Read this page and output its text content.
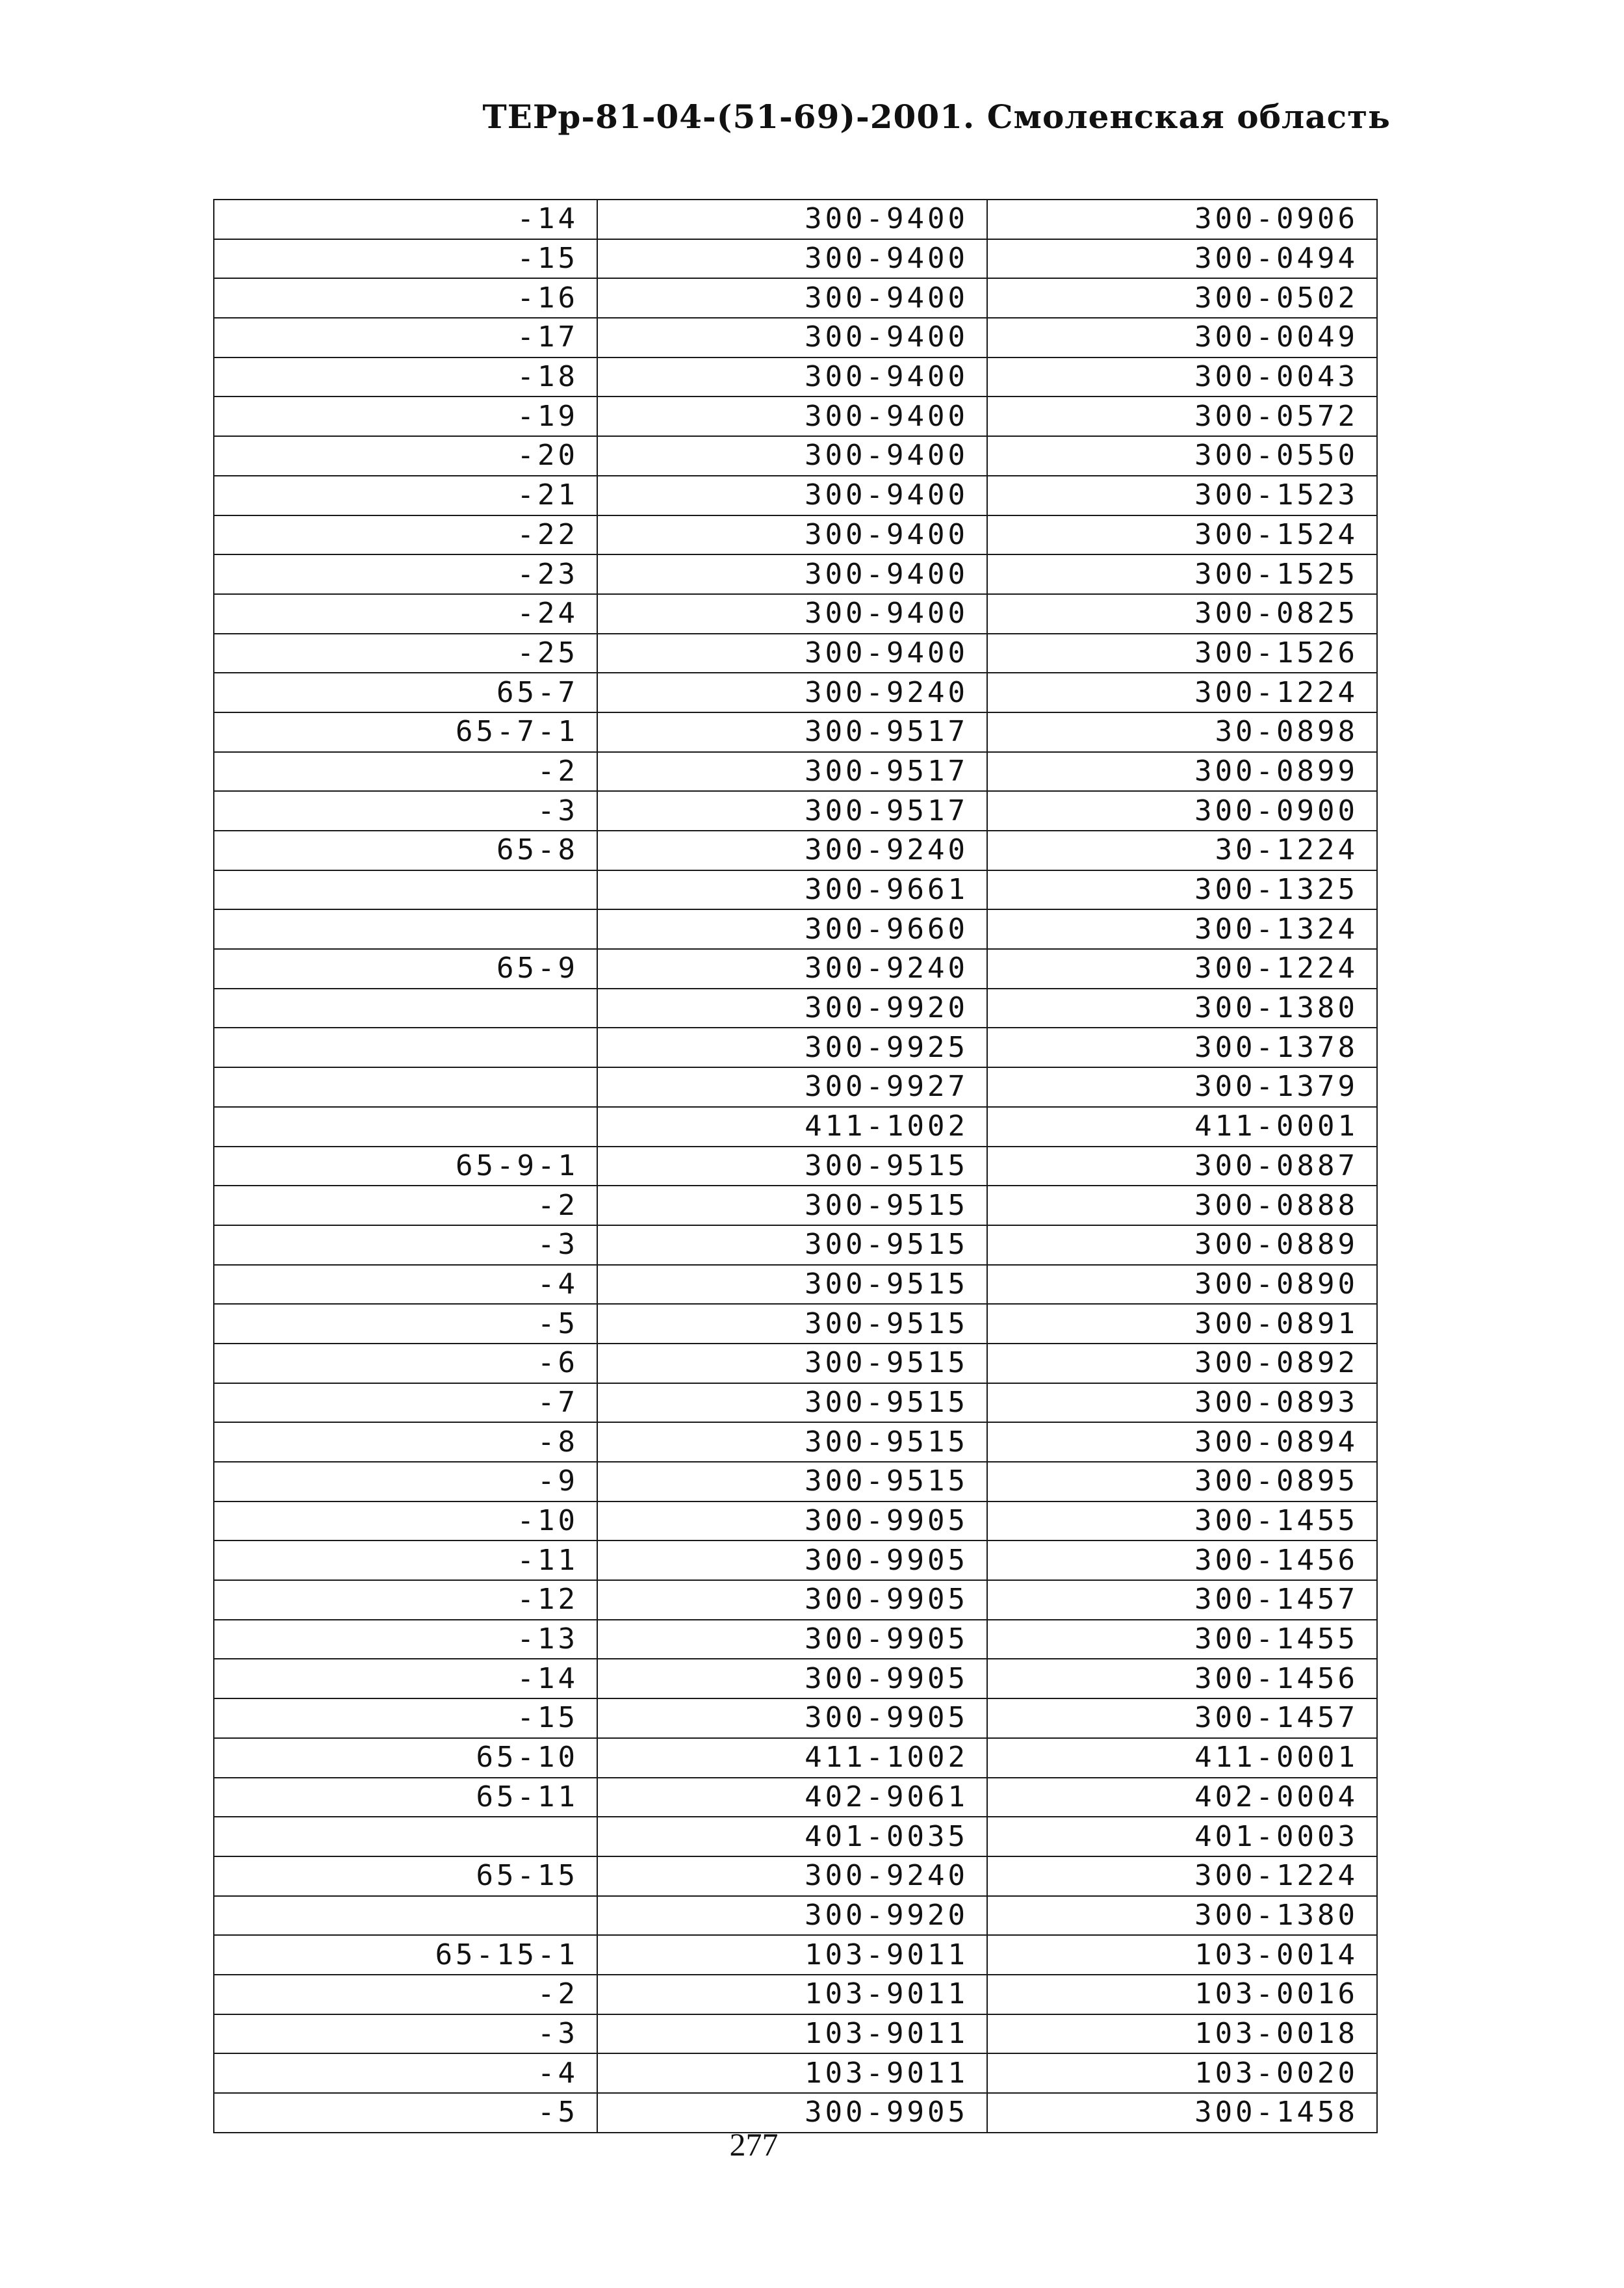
ТЕРр-81-04-(51-69)-2001. Смоленская область
-14	300-9400	300-0906
-15	300-9400	300-0494
-16	300-9400	300-0502
-17	300-9400	300-0049
-18	300-9400	300-0043
-19	300-9400	300-0572
-20	300-9400	300-0550
-21	300-9400	300-1523
-22	300-9400	300-1524
-23	300-9400	300-1525
-24	300-9400	300-0825
-25	300-9400	300-1526
65-7	300-9240	300-1224
65-7-1	300-9517	30-0898
-2	300-9517	300-0899
-3	300-9517	300-0900
65-8	300-9240	30-1224
	300-9661	300-1325
	300-9660	300-1324
65-9	300-9240	300-1224
	300-9920	300-1380
	300-9925	300-1378
	300-9927	300-1379
	411-1002	411-0001
65-9-1	300-9515	300-0887
-2	300-9515	300-0888
-3	300-9515	300-0889
-4	300-9515	300-0890
-5	300-9515	300-0891
-6	300-9515	300-0892
-7	300-9515	300-0893
-8	300-9515	300-0894
-9	300-9515	300-0895
-10	300-9905	300-1455
-11	300-9905	300-1456
-12	300-9905	300-1457
-13	300-9905	300-1455
-14	300-9905	300-1456
-15	300-9905	300-1457
65-10	411-1002	411-0001
65-11	402-9061	402-0004
	401-0035	401-0003
65-15	300-9240	300-1224
	300-9920	300-1380
65-15-1	103-9011	103-0014
-2	103-9011	103-0016
-3	103-9011	103-0018
-4	103-9011	103-0020
-5	300-9905	300-1458
277
